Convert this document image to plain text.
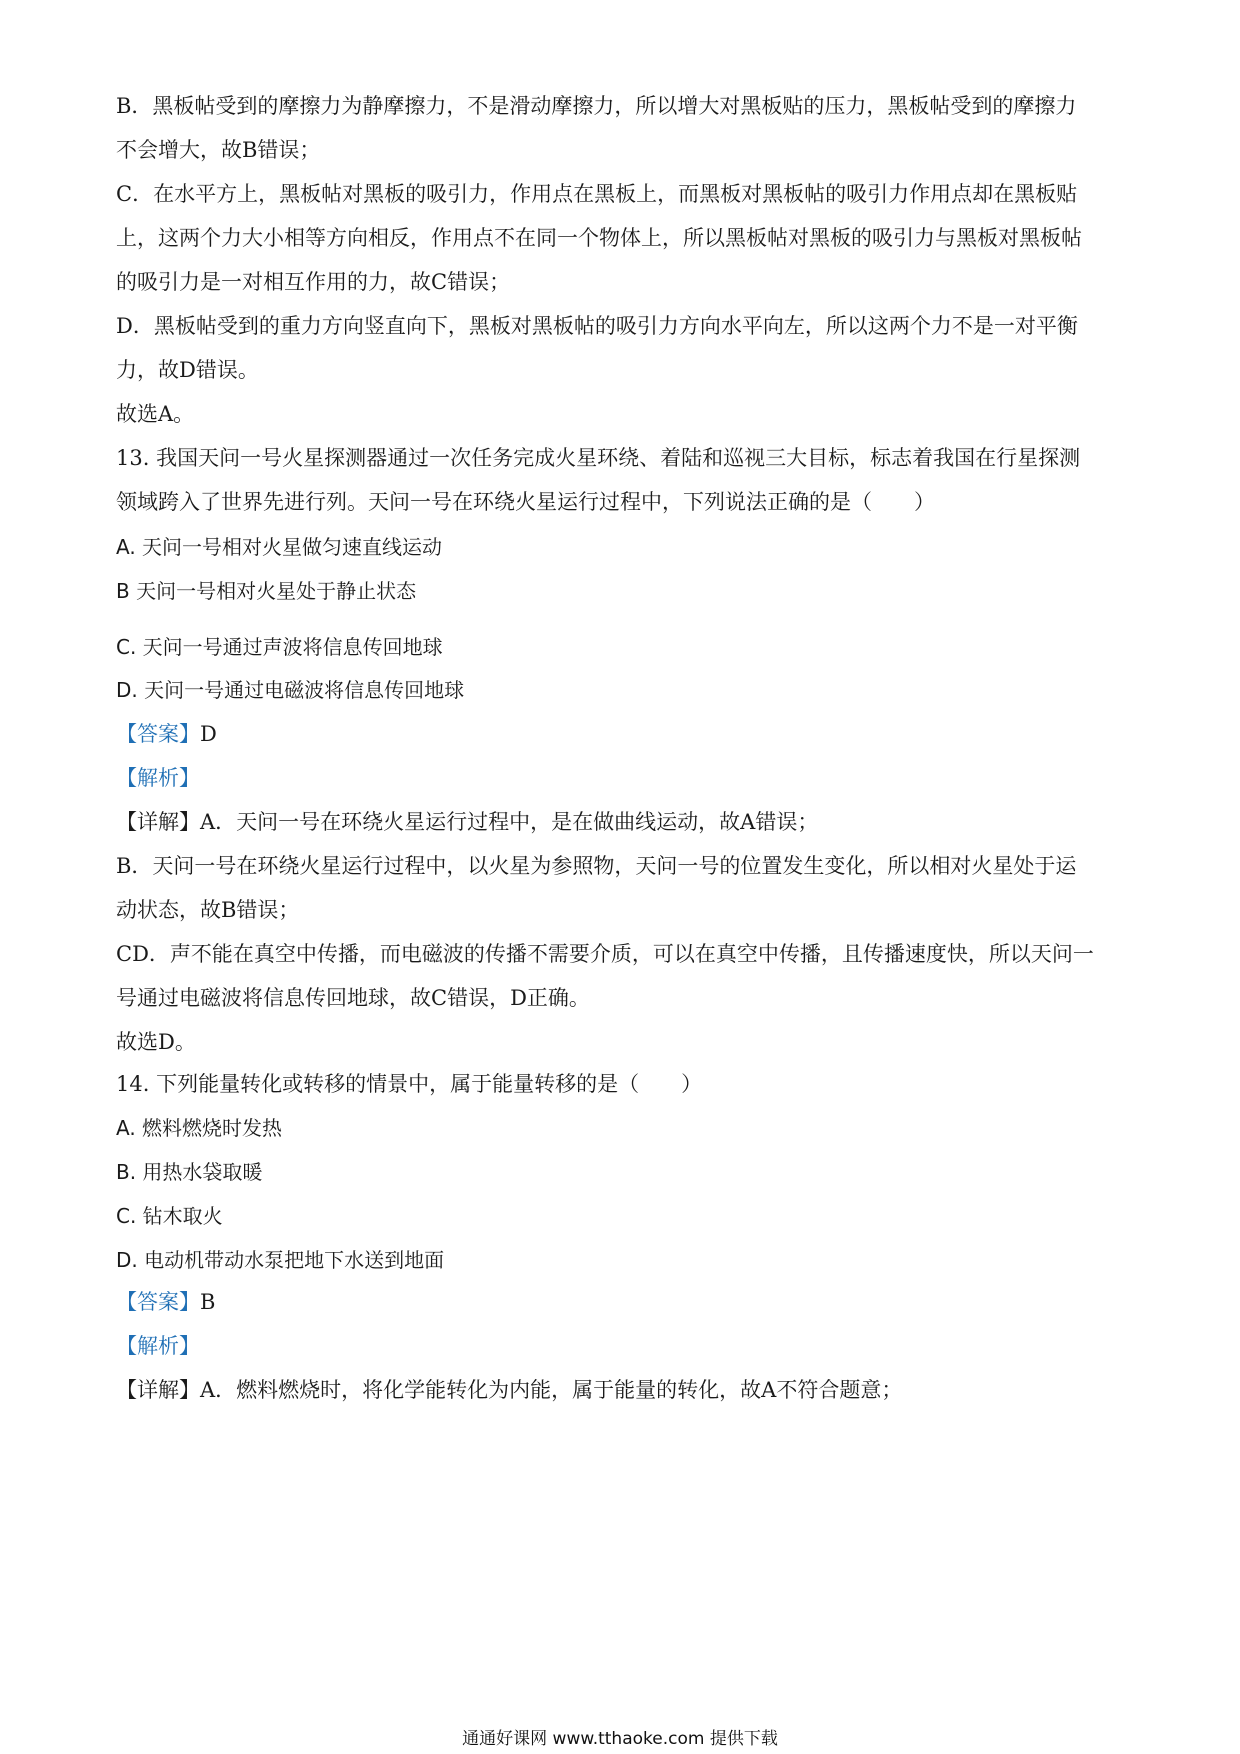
B．黑板帖受到的摩擦力为静摩擦力，不是滑动摩擦力，所以增大对黑板贴的压力，黑板帖受到的摩擦力
不会增大，故B错误；
C．在水平方上，黑板帖对黑板的吸引力，作用点在黑板上，而黑板对黑板帖的吸引力作用点却在黑板贴
上，这两个力大小相等方向相反，作用点不在同一个物体上，所以黑板帖对黑板的吸引力与黑板对黑板帖
的吸引力是一对相互作用的力，故C错误；
D．黑板帖受到的重力方向竖直向下，黑板对黑板帖的吸引力方向水平向左，所以这两个力不是一对平衡
力，故D错误。
故选A。
13. 我国天问一号火星探测器通过一次任务完成火星环绕、着陆和巡视三大目标，标志着我国在行星探测
领域跨入了世界先进行列。天问一号在环绕火星运行过程中，下列说法正确的是（　　）
A. 天问一号相对火星做匀速直线运动
B 天问一号相对火星处于静止状态
C. 天问一号通过声波将信息传回地球
D. 天问一号通过电磁波将信息传回地球
【答案】D
【解析】
【详解】A．天问一号在环绕火星运行过程中，是在做曲线运动，故A错误；
B．天问一号在环绕火星运行过程中，以火星为参照物，天问一号的位置发生变化，所以相对火星处于运
动状态，故B错误；
CD．声不能在真空中传播，而电磁波的传播不需要介质，可以在真空中传播，且传播速度快，所以天问一
号通过电磁波将信息传回地球，故C错误，D正确。
故选D。
14. 下列能量转化或转移的情景中，属于能量转移的是（　　）
A. 燃料燃烧时发热
B. 用热水袋取暖
C. 钻木取火
D. 电动机带动水泵把地下水送到地面
【答案】B
【解析】
【详解】A．燃料燃烧时，将化学能转化为内能，属于能量的转化，故A不符合题意；
通通好课网 www.tthaoke.com 提供下载
